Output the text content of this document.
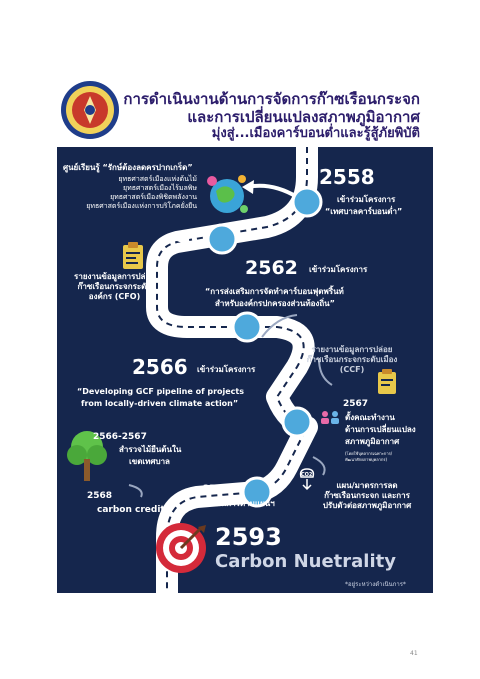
การดำเนินงานด้านการจัดการก๊าซเรือนกระจก
และการเปลี่ยนแปลงสภาพภูมิอากาศ
มุ่งสู่...เมืองคาร์บอนต่ำและรู้สู้ภัยพิบัติ
ศูนย์เรียนรู้ “รักษ์ต้องลดครปากเกร็ด”
ยุทธศาสตร์เมืองแห่งต้นไม้
ยุทธศาสตร์เมืองไร้มลพิษ
ยุทธศาสตร์เมืองพิชิตพลังงาน
ยุทธศาสตร์เมืองแห่งการบริโภคยั่งยืน
2558
เข้าร่วมโครงการ
“เทศบาลคาร์บอนต่ำ”
รายงานข้อมูลการปล่อย
ก๊าซเรือนกระจกระดับ
องค์กร (CFO)
2562 เข้าร่วมโครงการ
“การส่งเสริมการจัดทำคาร์บอนฟุตพริ้นท์
สำหรับองค์กรปกครองส่วนท้องถิ่น”
รายงานข้อมูลการปล่อย
ก๊าซเรือนกระจกระดับเมือง
(CCF)
2566 เข้าร่วมโครงการ
“Developing GCF pipeline of projects
from locally-driven climate action”	2567
ตั้งคณะทำงาน
ด้านการเปลี่ยนแปลง
สภาพภูมิอากาศ
(โดยใช้บุคลากรเฉพาะการ/
พัฒนาศักยภาพบุคลากร)
2566-2567
สำรวจไม้ยืนต้นใน
เขตเทศบาล
CO2
แผน/มาตรการลด
ก๊าซเรือนกระจก และการ
ปรับตัวต่อสภาพภูมิอากาศ
2568
carbon credit
2570
ดำเนินการตามแผนฯ
2593
Carbon Nuetrality
*อยู่ระหว่างดำเนินการ*
41
